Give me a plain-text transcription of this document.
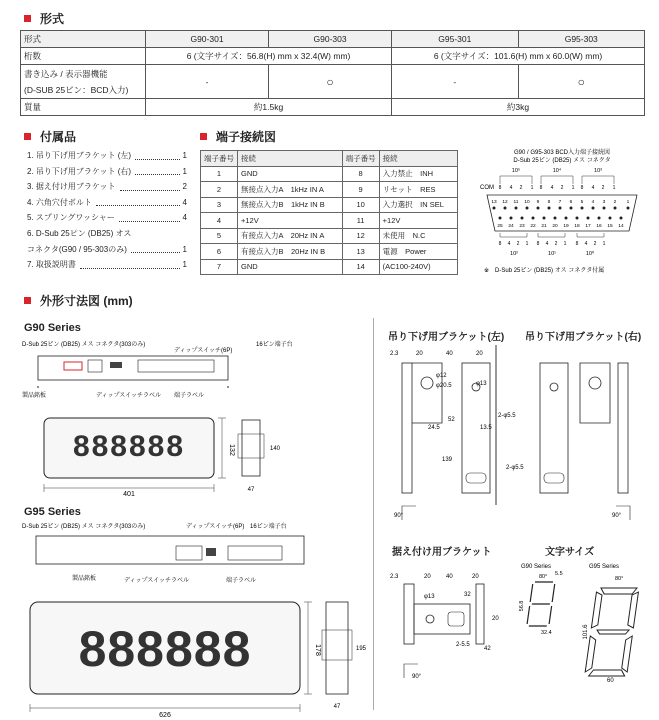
形式
形式	G90-301	G90-303	G95-301	G95-303
桁数	6 (文字サイズ：56.8(H) mm x 32.4(W) mm)		6 (文字サイズ：101.6(H) mm x 60.0(W) mm)	

書き込み / 表示器機能
(D-SUB 25ピン：BCD入力)	-	○	-	○
質量	約1.5kg		約3kg	
付属品	端子接続図
1. 吊り下げ用ブラケット (左)	1
2. 吊り下げ用ブラケット (右)	1
3. 据え付け用ブラケット	2
4. 六角穴付ボルト	4
5. スプリングワッシャー	4
6. D-Sub 25ピン (DB25) オス
コネクタ(G90 / 95-303のみ)	1
7. 取扱説明書	1
端子番号	接続	端子番号	接続
1	GND	8	入力禁止　INH
2	無接点入力A　1kHz IN A	9	リセット　RES
3	無接点入力B　1kHz IN B	10	入力選択　IN SEL
4	+12V	11	+12V
5	有接点入力A　20Hz IN A	12	未使用　N.C
6	有接点入力B　20Hz IN B	13	電源　Power
7	GND	14	(AC100-240V)
G90 / G95-303 BCD入力端子接続図
D-Sub 25ピン (DB25) メス コネクタ
COM
10⁵	10⁴	10³
8 4 2 1 8 4 2 1 8 4 2 1
13 12 11 10 9 8 7 6 5 4 3 2 1
25 24 23 22 21 20 19 18 17 16 15 14
8 4 2 1 8 4 2 1 8 4 2 1
10²	10¹	10⁰
※　D-Sub 25ピン (DB25) オス コネクタ付属
外形寸法図 (mm)
G90 Series
G95 Series
D-Sub 25ピン (DB25) メス コネクタ(303のみ)
ディップスイッチ(6P)
16ピン端子台
製品銘板	ディップスイッチラベル 端子ラベル
888888
401
132	140
47
D-Sub 25ピン (DB25) メス コネクタ(303のみ)	ディップスイッチ(6P) 16ピン端子台
製品銘板	ディップスイッチラベル	端子ラベル
888888
626
178	195
47
吊り下げ用ブラケット(左) 吊り下げ用ブラケット(右)
2.3	20	40	20
φ12
φ20.5	φ13
52
24.5
139
13.5
2-φ5.5
2-φ5.5
90°	90°
据え付け用ブラケット	文字サイズ
2.3	20	40	20
φ13	32
2-5.5
20
42
90°
G90 Series	G95 Series
80° 5.5
56.8
32.4
80°
101.6
60
